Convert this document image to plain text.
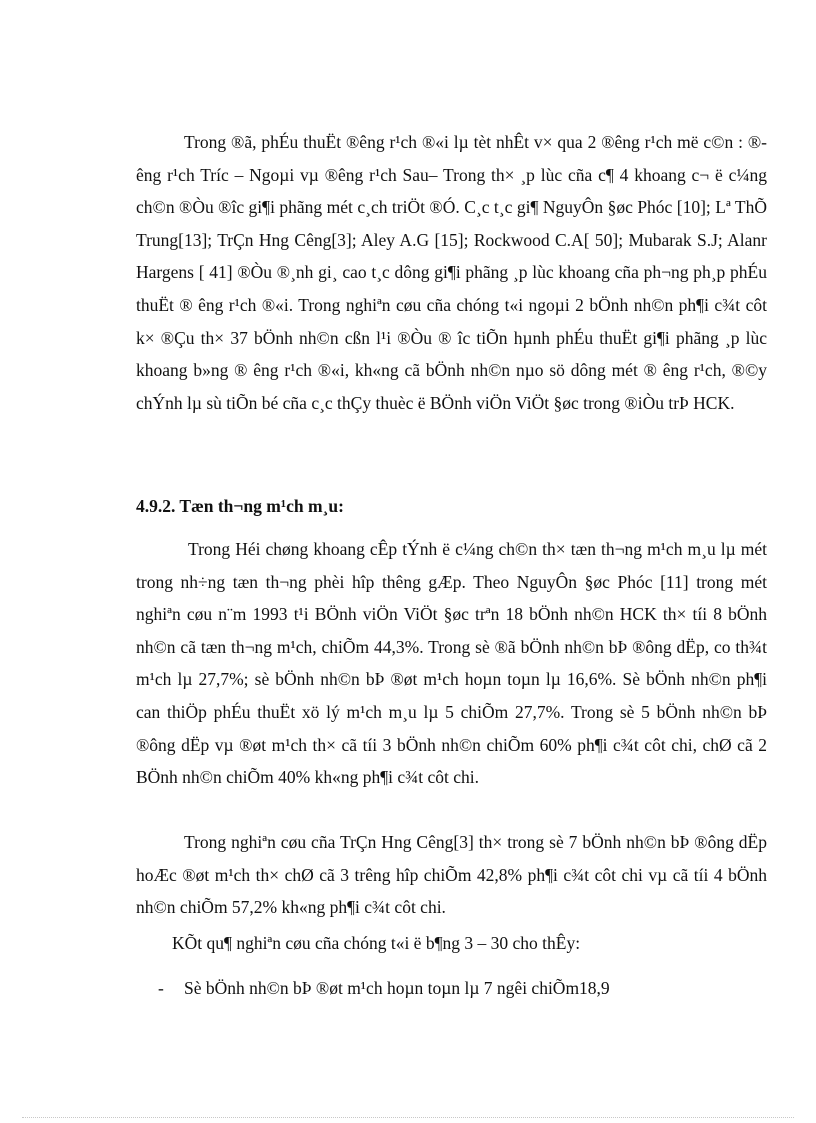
Trong ®ã, phÉu thuËt ®êng r¹ch ®«i lµ tèt nhÊt v× qua 2 ®êng r¹ch më c©n : ®êng r¹ch Tríc – Ngoµi vµ ®êng r¹ch Sau– Trong th× ¸p lùc cña c¶ 4 khoang c¬ ë c¼ng ch©n ®Òu ®îc gi¶i phãng mét c¸ch triÖt ®Ó. C¸c t¸c gi¶ NguyÔn §øc Phóc [10]; Lª ThÕ Trung[13]; TrÇn Hng Cêng[3]; Aley A.G [15]; Rockwood C.A[ 50]; Mubarak S.J; Alanr Hargens [ 41] ®Òu ®¸nh gi¸ cao t¸c dông gi¶i phãng ¸p lùc khoang cña ph¬ng ph¸p phÉu thuËt ® êng r¹ch ®«i. Trong nghiªn cøu cña chóng t«i ngoµi 2 bÖnh nh©n ph¶i c¾t côt k× ®Çu th× 37 bÖnh nh©n cßn l¹i ®Òu ® îc tiÕn hµnh phÉu thuËt gi¶i phãng ¸p lùc khoang b»ng ® êng r¹ch ®«i, kh«ng cã bÖnh nh©n nµo sö dông mét ® êng r¹ch, ®©y chÝnh lµ sù tiÕn bé cña c¸c thÇy thuèc ë BÖnh viÖn ViÖt §øc trong ®iÒu trÞ HCK.
4.9.2. Tæn th¬ng m¹ch m¸u:
Trong Héi chøng khoang cÊp tÝnh ë c¼ng ch©n th× tæn th¬ng m¹ch m¸u lµ mét trong nh÷ng tæn th¬ng phèi hîp thêng gÆp. Theo NguyÔn §øc Phóc [11] trong mét nghiªn cøu n¨m 1993 t¹i BÖnh viÖn ViÖt §øc trªn 18 bÖnh nh©n HCK th× tíi 8 bÖnh nh©n cã tæn th¬ng m¹ch, chiÕm 44,3%. Trong sè ®ã bÖnh nh©n bÞ ®ông dËp, co th¾t m¹ch lµ 27,7%; sè bÖnh nh©n bÞ ®øt m¹ch hoµn toµn lµ 16,6%. Sè bÖnh nh©n ph¶i can thiÖp phÉu thuËt xö lý m¹ch m¸u lµ 5 chiÕm 27,7%. Trong sè 5 bÖnh nh©n bÞ ®ông dËp vµ ®øt m¹ch th× cã tíi 3 bÖnh nh©n chiÕm 60% ph¶i c¾t côt chi, chØ cã 2 BÖnh nh©n chiÕm 40% kh«ng ph¶i c¾t côt chi.
Trong nghiªn cøu cña TrÇn Hng Cêng[3] th× trong sè 7 bÖnh nh©n bÞ ®ông dËp hoÆc ®øt m¹ch th× chØ cã 3 trêng hîp chiÕm 42,8% ph¶i c¾t côt chi vµ cã tíi 4 bÖnh nh©n chiÕm 57,2% kh«ng ph¶i c¾t côt chi.
KÕt qu¶ nghiªn cøu cña chóng t«i ë b¶ng 3 – 30 cho thÊy:
- Sè bÖnh nh©n bÞ ®øt m¹ch hoµn toµn lµ 7 ngêi chiÕm18,9
